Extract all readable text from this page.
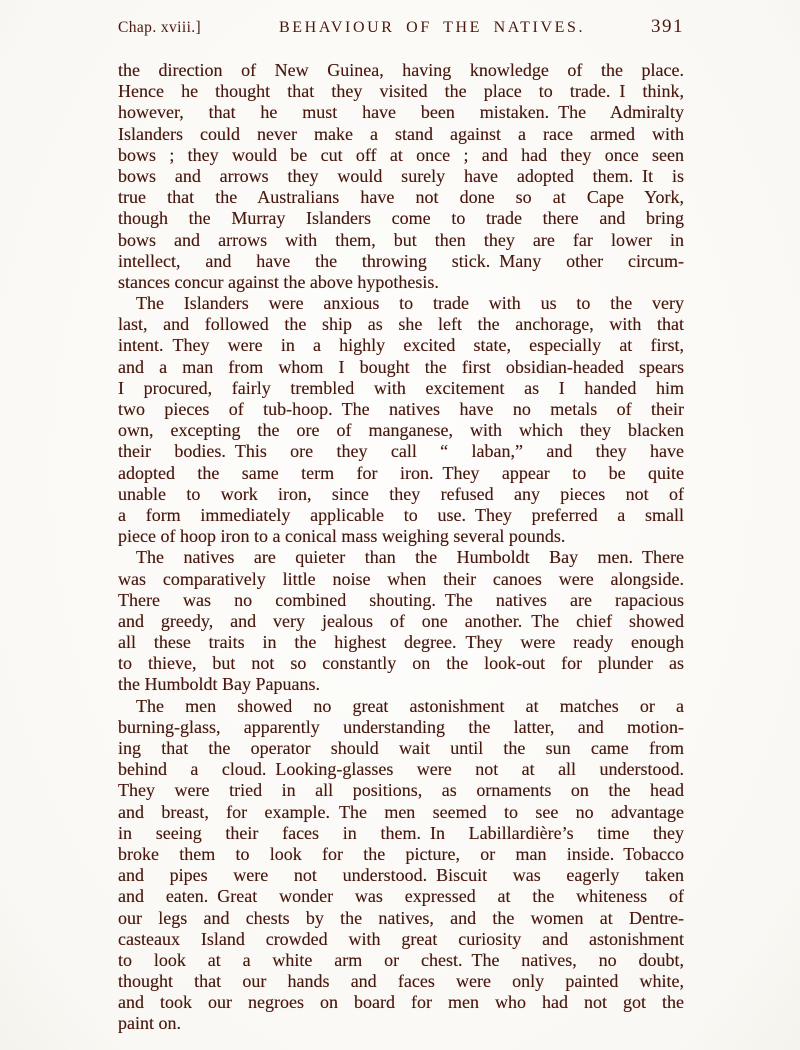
Chap. xviii.]	BEHAVIOUR OF THE NATIVES.	391
the direction of New Guinea, having knowledge of the place.
Hence he thought that they visited the place to trade. I think,
however, that he must have been mistaken. The Admiralty
Islanders could never make a stand against a race armed with
bows ; they would be cut off at once ; and had they once seen
bows and arrows they would surely have adopted them. It is
true that the Australians have not done so at Cape York,
though the Murray Islanders come to trade there and bring
bows and arrows with them, but then they are far lower in
intellect, and have the throwing stick. Many other circum-
stances concur against the above hypothesis.
The Islanders were anxious to trade with us to the very
last, and followed the ship as she left the anchorage, with that
intent. They were in a highly excited state, especially at first,
and a man from whom I bought the first obsidian-headed spears
I procured, fairly trembled with excitement as I handed him
two pieces of tub-hoop. The natives have no metals of their
own, excepting the ore of manganese, with which they blacken
their bodies. This ore they call “ laban,” and they have
adopted the same term for iron. They appear to be quite
unable to work iron, since they refused any pieces not of
a form immediately applicable to use. They preferred a small
piece of hoop iron to a conical mass weighing several pounds.
The natives are quieter than the Humboldt Bay men. There
was comparatively little noise when their canoes were alongside.
There was no combined shouting. The natives are rapacious
and greedy, and very jealous of one another. The chief showed
all these traits in the highest degree. They were ready enough
to thieve, but not so constantly on the look-out for plunder as
the Humboldt Bay Papuans.
The men showed no great astonishment at matches or a
burning-glass, apparently understanding the latter, and motion-
ing that the operator should wait until the sun came from
behind a cloud. Looking-glasses were not at all understood.
They were tried in all positions, as ornaments on the head
and breast, for example. The men seemed to see no advantage
in seeing their faces in them. In Labillardière’s time they
broke them to look for the picture, or man inside. Tobacco
and pipes were not understood. Biscuit was eagerly taken
and eaten. Great wonder was expressed at the whiteness of
our legs and chests by the natives, and the women at Dentre-
casteaux Island crowded with great curiosity and astonishment
to look at a white arm or chest. The natives, no doubt,
thought that our hands and faces were only painted white,
and took our negroes on board for men who had not got the
paint on.
